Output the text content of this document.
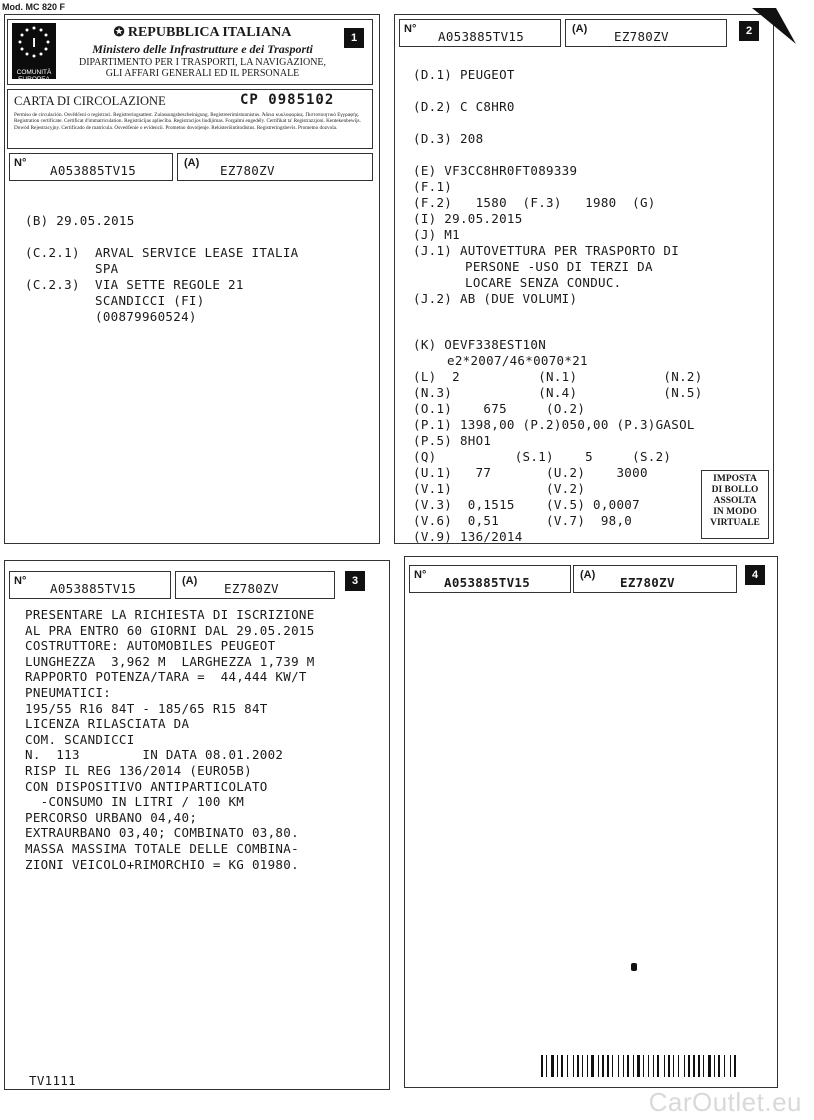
Mod. MC 820 F
I
COMUNITÀ
EUROPEA
✪ REPUBBLICA ITALIANA
Ministero delle Infrastrutture e dei Trasporti
DIPARTIMENTO PER I TRASPORTI, LA NAVIGAZIONE,
GLI AFFARI GENERALI ED IL PERSONALE
1
CARTA DI CIRCOLAZIONE	CP 0985102
Permiso de circulación. Osvědčení o registraci. Registreringsattest. Zulassungsbescheinigung. Registreerimistunnistus. Άδεια κυκλοφορίας. Πιστοποιητικό Εγγραφής. Registration certificate. Certificat d'immatriculation. Registrācijas apliecība. Registracijos liudijimas. Forgalmi engedély. Certifikat ta' Registrazzjoni. Kentekenbewijs. Dowód Rejestracyjny. Certificado de matrícula. Osvedčenie o evidencii. Prometno dovoljenje. Rekisteröintitodistus. Registreringsbevis. Prometno dozvola.
N° A053885TV15	(A) EZ780ZV
(B) 29.05.2015
(C.2.1) ARVAL SERVICE LEASE ITALIA
SPA
(C.2.3) VIA SETTE REGOLE 21
SCANDICCI (FI)
(00879960524)
N° A053885TV15	(A) EZ780ZV	2
(D.1) PEUGEOT
(D.2) C C8HR0
(D.3) 208
(E) VF3CC8HR0FT089339
(F.1)
(F.2)   1580  (F.3)   1980  (G)
(I) 29.05.2015
(J) M1
(J.1) AUTOVETTURA PER TRASPORTO DI
PERSONE -USO DI TERZI DA
LOCARE SENZA CONDUC.
(J.2) AB (DUE VOLUMI)
(K) OEVF338EST10N
e2*2007/46*0070*21
(L)  2          (N.1)           (N.2)
(N.3)           (N.4)           (N.5)
(O.1)    675     (O.2)
(P.1) 1398,00 (P.2)050,00 (P.3)GASOL
(P.5) 8HO1
(Q)          (S.1)    5     (S.2)
(U.1)   77       (U.2)    3000
(V.1)            (V.2)
(V.3)  0,1515    (V.5) 0,0007
(V.6)  0,51      (V.7)  98,0
(V.9) 136/2014
IMPOSTA
DI BOLLO
ASSOLTA
IN MODO
VIRTUALE
N° A053885TV15	(A) EZ780ZV	3
PRESENTARE LA RICHIESTA DI ISCRIZIONE
AL PRA ENTRO 60 GIORNI DAL 29.05.2015
COSTRUTTORE: AUTOMOBILES PEUGEOT
LUNGHEZZA  3,962 M  LARGHEZZA 1,739 M
RAPPORTO POTENZA/TARA =  44,444 KW/T
PNEUMATICI:
195/55 R16 84T - 185/65 R15 84T
LICENZA RILASCIATA DA
COM. SCANDICCI
N.  113        IN DATA 08.01.2002
RISP IL REG 136/2014 (EURO5B)
CON DISPOSITIVO ANTIPARTICOLATO
-CONSUMO IN LITRI / 100 KM
PERCORSO URBANO 04,40;
EXTRAURBANO 03,40; COMBINATO 03,80.
MASSA MASSIMA TOTALE DELLE COMBINA-
ZIONI VEICOLO+RIMORCHIO = KG 01980.
TV1111
N° A053885TV15	(A) EZ780ZV	4
CarOutlet.eu
